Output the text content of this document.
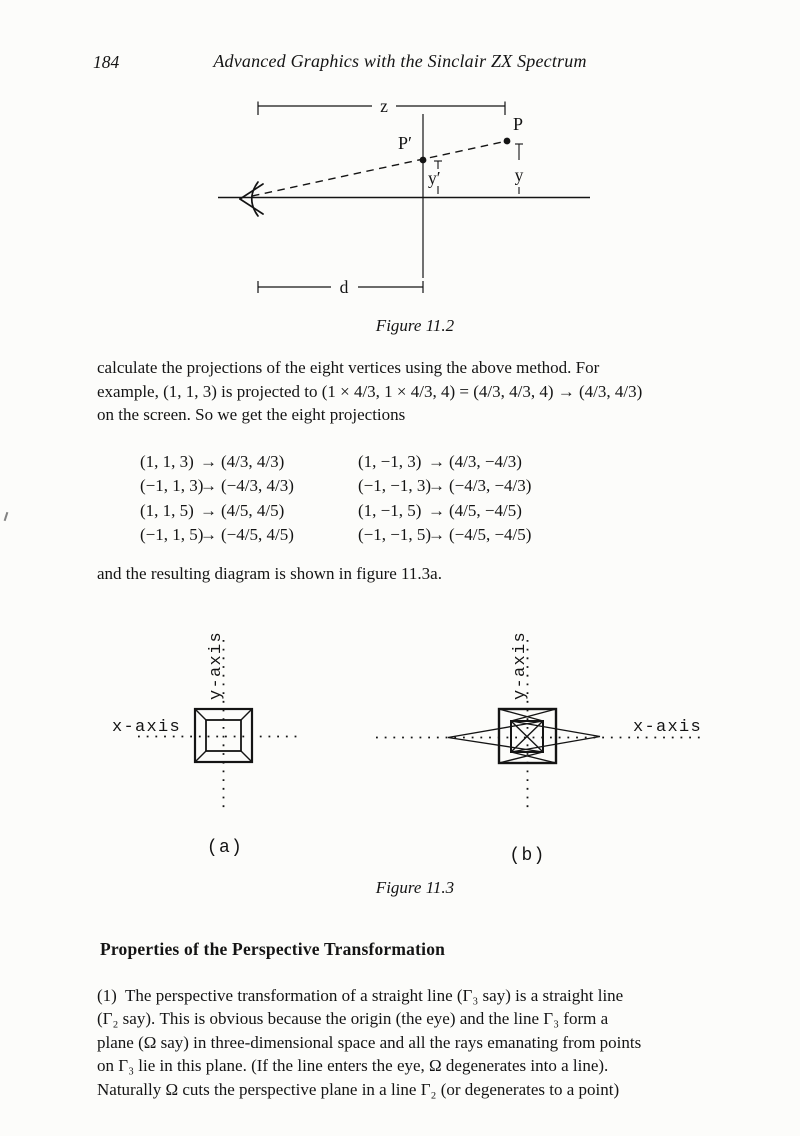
184	Advanced Graphics with the Sinclair ZX Spectrum
z
P
P′
y
y′
d
Figure 11.2
calculate the projections of the eight vertices using the above method. For
example, (1, 1, 3) is projected to (1 × 4/3, 1 × 4/3, 4) = (4/3, 4/3, 4) → (4/3, 4/3)
on the screen. So we get the eight projections
(1, 1, 3) → (4/3, 4/3)
(−1, 1, 3)→ (−4/3, 4/3)
(1, 1, 5) → (4/5, 4/5)
(−1, 1, 5)→ (−4/5, 4/5)
(1, −1, 3) → (4/3, −4/3)
(−1, −1, 3)→ (−4/3, −4/3)
(1, −1, 5) → (4/5, −4/5)
(−1, −1, 5)→ (−4/5, −4/5)
and the resulting diagram is shown in figure 11.3a.
x-axis
y-axis
(a)
x-axis
y-axis
(b)
Figure 11.3
Properties of the Perspective Transformation
(1)  The perspective transformation of a straight line (Γ₃ say) is a straight line
(Γ₂ say). This is obvious because the origin (the eye) and the line Γ₃ form a
plane (Ω say) in three-dimensional space and all the rays emanating from points
on Γ₃ lie in this plane. (If the line enters the eye, Ω degenerates into a line).
Naturally Ω cuts the perspective plane in a line Γ₂ (or degenerates to a point)
